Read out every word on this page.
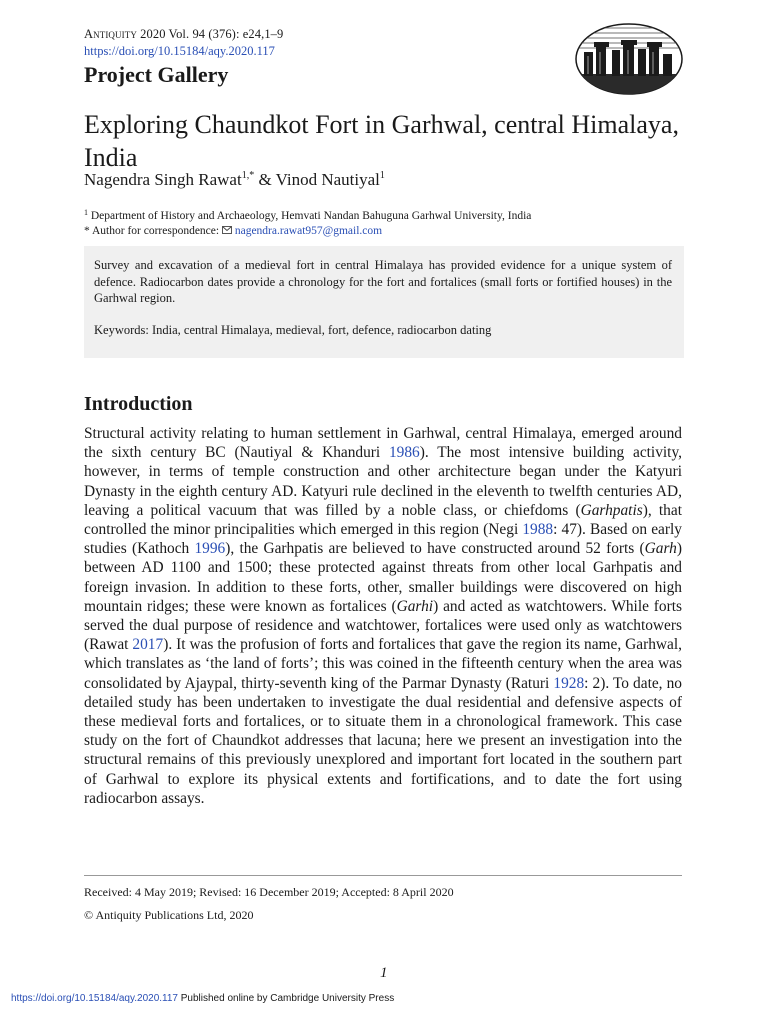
Antiquity 2020 Vol. 94 (376): e24,1–9
https://doi.org/10.15184/aqy.2020.117
Project Gallery
Exploring Chaundkot Fort in Garhwal, central Himalaya, India
Nagendra Singh Rawat$^{1,*}$ & Vinod Nautiyal$^1$
$^1$ Department of History and Archaeology, Hemvati Nandan Bahuguna Garhwal University, India
* Author for correspondence: nagendra.rawat957@gmail.com

Survey and excavation of a medieval fort in central Himalaya has provided evidence for a unique system of defence. Radiocarbon dates provide a chronology for the fort and fortalices (small forts or fortified houses) in the Garhwal region.

Keywords: India, central Himalaya, medieval, fort, defence, radiocarbon dating

Introduction

Structural activity relating to human settlement in Garhwal, central Himalaya, emerged around the sixth century BC (Nautiyal & Khanduri 1986). The most intensive building activity, however, in terms of temple construction and other architecture began under the Katyuri Dynasty in the eighth century AD. Katyuri rule declined in the eleventh to twelfth centuries AD, leaving a political vacuum that was filled by a noble class, or chiefdoms (Garhpatis), that controlled the minor principalities which emerged in this region (Negi 1988: 47). Based on early studies (Kathoch 1996), the Garhpatis are believed to have constructed around 52 forts (Garh) between AD 1100 and 1500; these protected against threats from other local Garhpatis and foreign invasion. In addition to these forts, other, smaller buildings were discovered on high mountain ridges; these were known as fortalices (Garhi) and acted as watchtowers. While forts served the dual purpose of residence and watchtower, fortalices were used only as watchtowers (Rawat 2017). It was the profusion of forts and fortalices that gave the region its name, Garhwal, which translates as ‘the land of forts’; this was coined in the fifteenth century when the area was consolidated by Ajaypal, thirty-seventh king of the Parmar Dynasty (Raturi 1928: 2). To date, no detailed study has been undertaken to investigate the dual residential and defensive aspects of these medieval forts and fortalices, or to situate them in a chronological framework. This case study on the fort of Chaundkot addresses that lacuna; here we present an investigation into the structural remains of this previously unexplored and important fort located in the southern part of Garhwal to explore its physical extents and fortifications, and to date the fort using radiocarbon assays.

Received: 4 May 2019; Revised: 16 December 2019; Accepted: 8 April 2020
© Antiquity Publications Ltd, 2020
1
https://doi.org/10.15184/aqy.2020.117 Published online by Cambridge University Press
